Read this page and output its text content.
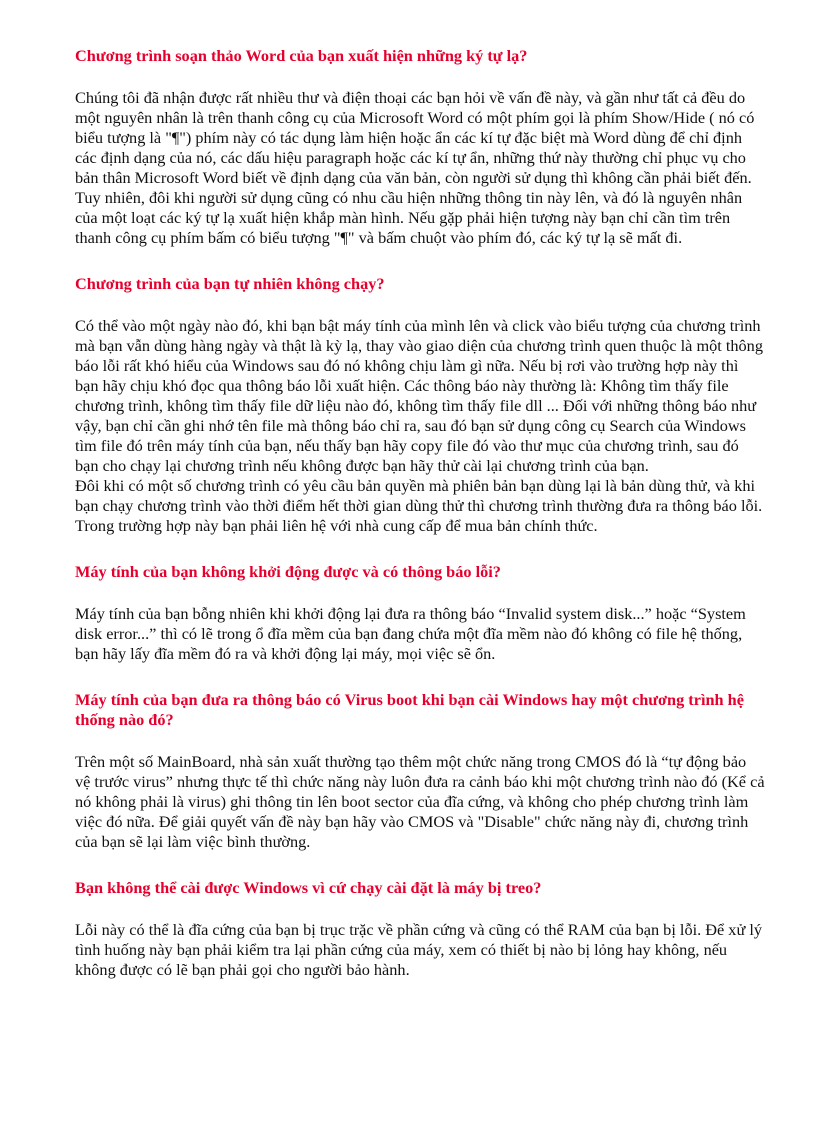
Chương trình soạn thảo Word của bạn xuất hiện những ký tự lạ?

Chúng tôi đã nhận được rất nhiều thư và điện thoại các bạn hỏi về vấn đề này, và gần như tất cả đều do một nguyên nhân là trên thanh công cụ của Microsoft Word có một phím gọi là phím Show/Hide ( nó có biểu tượng là "¶") phím này có tác dụng làm hiện hoặc ẩn các kí tự đặc biệt mà Word dùng để chỉ định các định dạng của nó, các dấu hiệu paragraph hoặc các kí tự ẩn, những thứ này thường chỉ phục vụ cho bản thân Microsoft Word biết về định dạng của văn bản, còn người sử dụng thì không cần phải biết đến. Tuy nhiên, đôi khi người sử dụng cũng có nhu cầu hiện những thông tin này lên, và đó là nguyên nhân của một loạt các ký tự lạ xuất hiện khắp màn hình. Nếu gặp phải hiện tượng này bạn chỉ cần tìm trên thanh công cụ phím bấm có biểu tượng "¶" và bấm chuột vào phím đó, các ký tự lạ sẽ mất đi.

Chương trình của bạn tự nhiên không chạy?

Có thể vào một ngày nào đó, khi bạn bật máy tính của mình lên và click vào biểu tượng của chương trình mà bạn vẫn dùng hàng ngày và thật là kỳ lạ, thay vào giao diện của chương trình quen thuộc là một thông báo lỗi rất khó hiểu của Windows sau đó nó không chịu làm gì nữa. Nếu bị rơi vào trường hợp này thì bạn hãy chịu khó đọc qua thông báo lỗi xuất hiện. Các thông báo này thường là: Không tìm thấy file chương trình, không tìm thấy file dữ liệu nào đó, không tìm thấy file dll ... Đối với những thông báo như vậy, bạn chỉ cần ghi nhớ tên file mà thông báo chỉ ra, sau đó bạn sử dụng công cụ Search của Windows tìm file đó trên máy tính của bạn, nếu thấy bạn hãy copy file đó vào thư mục của chương trình, sau đó bạn cho chạy lại chương trình nếu không được bạn hãy thử cài lại chương trình của bạn.

Đôi khi có một số chương trình có yêu cầu bản quyền mà phiên bản bạn dùng lại là bản dùng thử, và khi bạn chạy chương trình vào thời điểm hết thời gian dùng thử thì chương trình thường đưa ra thông báo lỗi. Trong trường hợp này bạn phải liên hệ với nhà cung cấp để mua bản chính thức.

Máy tính của bạn không khởi động được và có thông báo lỗi?

Máy tính của bạn bỗng nhiên khi khởi động lại đưa ra thông báo “Invalid system disk...” hoặc “System disk error...” thì có lẽ trong ổ đĩa mềm của bạn đang chứa một đĩa mềm nào đó không có file hệ thống, bạn hãy lấy đĩa mềm đó ra và khởi động lại máy, mọi việc sẽ ổn.

Máy tính của bạn đưa ra thông báo có Virus boot khi bạn cài Windows hay một chương trình hệ thống nào đó?

Trên một số MainBoard, nhà sản xuất thường tạo thêm một chức năng trong CMOS đó là “tự động bảo vệ trước virus” nhưng thực tế thì chức năng này luôn đưa ra cảnh báo khi một chương trình nào đó (Kể cả nó không phải là virus) ghi thông tin lên boot sector của đĩa cứng, và không cho phép chương trình làm việc đó nữa. Để giải quyết vấn đề này bạn hãy vào CMOS và "Disable" chức năng này đi, chương trình của bạn sẽ lại làm việc bình thường.

Bạn không thể cài được Windows vì cứ chạy cài đặt là máy bị treo?

Lỗi này có thể là đĩa cứng của bạn bị trục trặc về phần cứng và cũng có thể RAM của bạn bị lỗi. Để xử lý tình huống này bạn phải kiểm tra lại phần cứng của máy, xem có thiết bị nào bị lỏng hay không, nếu không được có lẽ bạn phải gọi cho người bảo hành.
